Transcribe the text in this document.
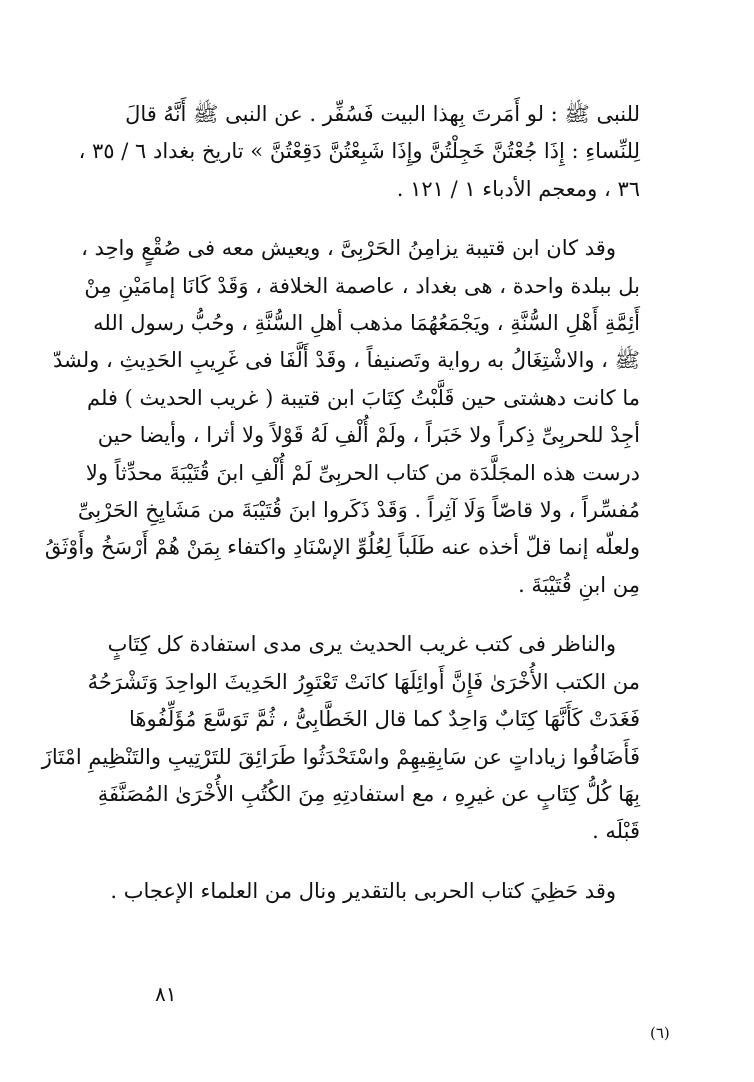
للنبى ﷺ : لو أَمَرتَ بِهذا البيت فَسُفِّر . عن النبى ﷺ أَنَّهُ قالَ
لِلنِّساءِ : إِذَا جُعْتُنَّ خَجِلْتُنَّ وإِذَا شَبِعْتُنَّ دَقِعْتُنَّ » تاريخ بغداد ٦ / ٣٥ ،
٣٦ ، ومعجم الأدباء ١ / ١٢١ .
وقد كان ابن قتيبة يزامِنُ الحَرْبِىَّ ، ويعيش معه فى صُقْعٍ واحِد ،
بل ببلدة واحدة ، هى بغداد ، عاصمة الخلافة ، وَقَدْ كَانَا إمامَيْنِ مِنْ
أَئِمَّةِ أَهْلِ السُّنَّةِ ، ويَجْمَعُهُمَا مذهب أهلِ السُّنَّةِ ، وحُبُّ رسول الله
ﷺ ، والاشْتِغَالُ به رواية وتَصنيفاً ، وقَدْ أَلَّفَا فى غَرِيبِ الحَدِيثِ ، ولشدّ
ما كانت دهشتى حين قَلَّبْتُ كِتَابَ ابن قتيبة ( غريب الحديث ) فلم
أجِدْ للحربِىِّ ذِكراً ولا خَبَراً ، ولَمْ أُلْفِ لَهُ قَوْلاً ولا أثرا ، وأيضا حين
درست هذه المجَلَّدَة من كتاب الحربِىِّ لَمْ أُلْفِ ابنَ قُتَيْبَةَ محدِّثاً ولا
مُفسِّراً ، ولا قاصّاً وَلَا آثِراً . وَقَدْ ذَكَروا ابنَ قُتَيْبَةَ من مَشَايِخِ الحَرْبِىِّ
ولعلّه إنما قلّ أخذه عنه طَلَباً لِعُلُوِّ الإسْنَادِ واكتفاء بِمَنْ هُمْ أَرْسَخُ وأَوْثَقُ
مِن ابنِ قُتَيْبَةَ .
والناظر فى كتب غريب الحديث يرى مدى استفادة كل كِتَابٍ
من الكتب الأُخْرَىٰ فَإِنَّ أَوائِلَهَا كانَتْ تَعْتَوِرُ الحَدِيثَ الواحِدَ وَتَشْرَحُهُ
فَغَدَتْ كَأَنَّهَا كِتَابٌ وَاحِدٌ كما قال الخَطَّابِىُّ ، ثُمَّ تَوَسَّعَ مُؤَلِّفُوهَا
فَأَضَافُوا زياداتٍ عن سَابِقِيهِمْ واسْتَحْدَثُوا طَرَائِقَ للتَرْتِيبِ والتَنْظِيمِ امْتَازَ
بِهَا كُلُّ كِتَابٍ عن غيرِهِ ، مع استفادتِهِ مِنَ الكُتُبِ الأُخْرَىٰ المُصَنَّفَةِ
قَبْلَه .
وقد حَظِيَ كتاب الحربى بالتقدير ونال من العلماء الإعجاب .
٨١
(٦)
